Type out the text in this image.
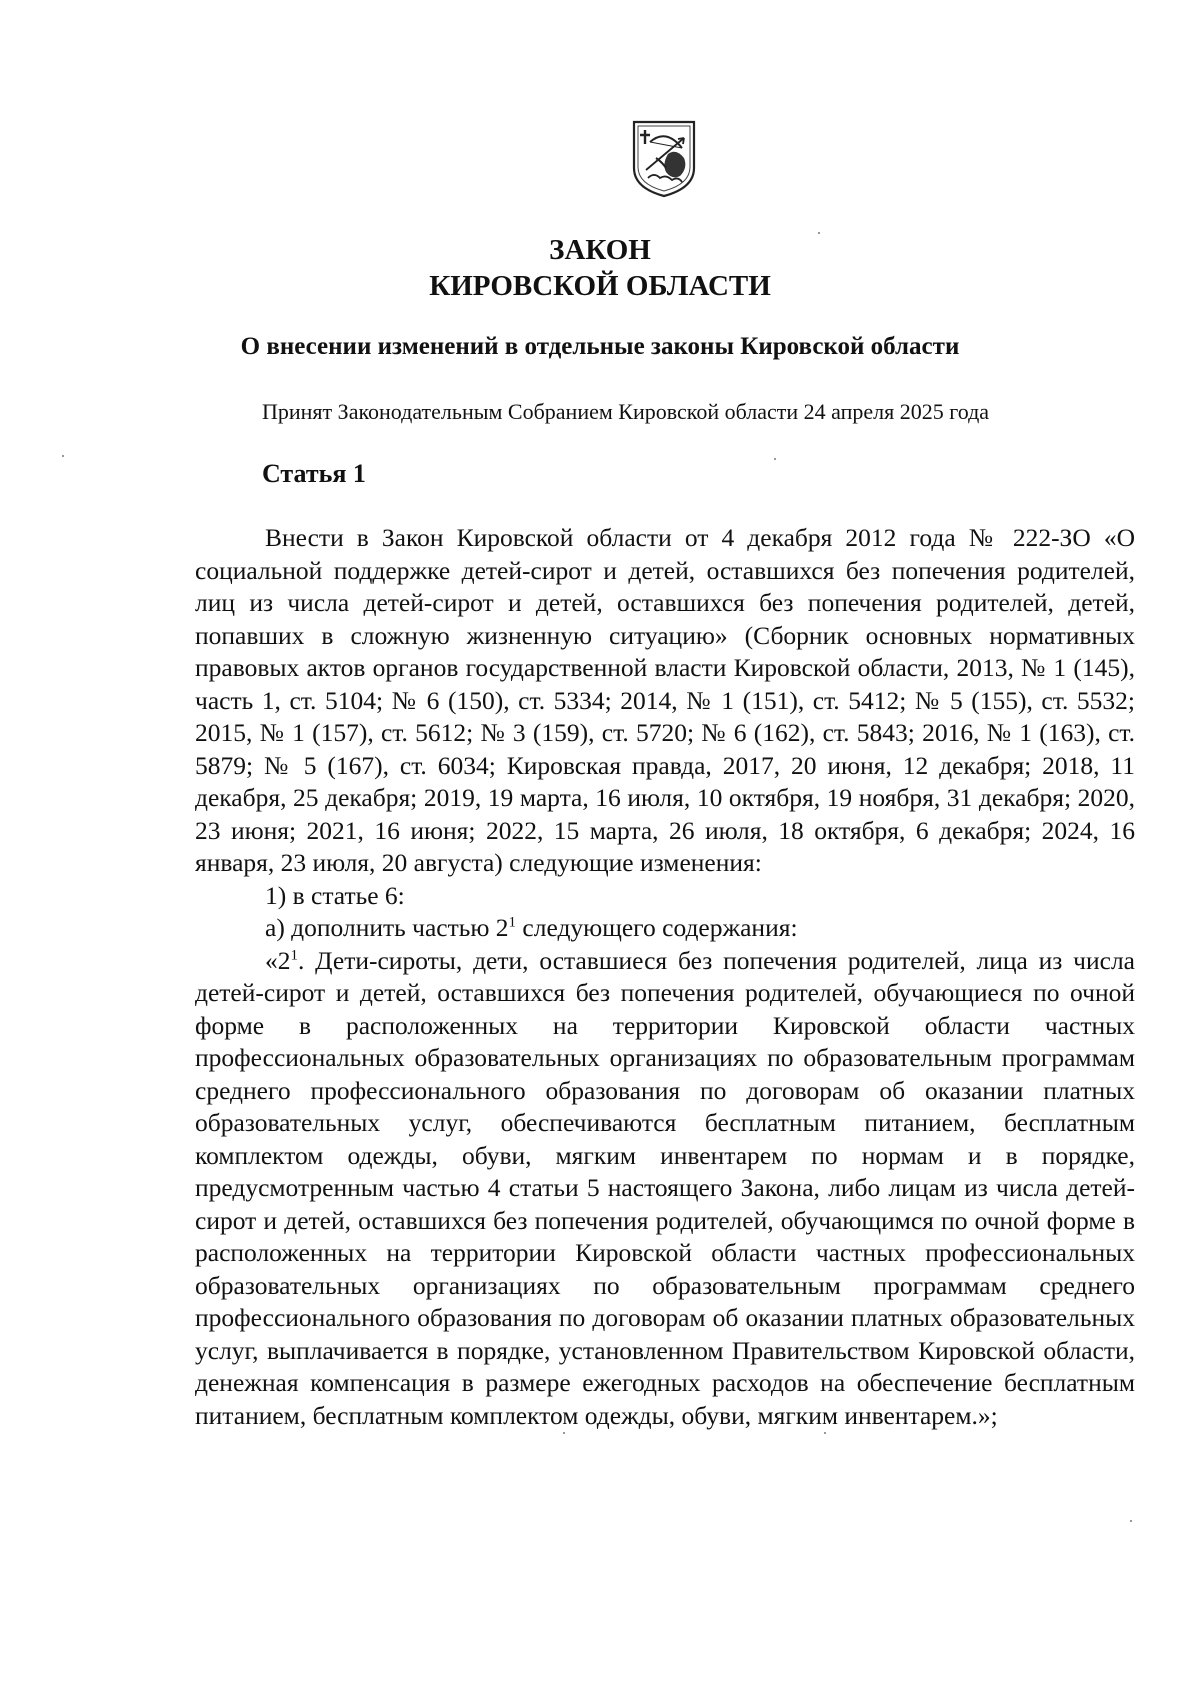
ЗАКОН
КИРОВСКОЙ ОБЛАСТИ
О внесении изменений в отдельные законы Кировской области
Принят Законодательным Собранием Кировской области 24 апреля 2025 года
Статья 1

Внести в Закон Кировской области от 4 декабря 2012 года № 222-ЗО «О социальной поддержке детей-сирот и детей, оставшихся без попечения родителей, лиц из числа детей-сирот и детей, оставшихся без попечения родителей, детей, попавших в сложную жизненную ситуацию» (Сборник основных нормативных правовых актов органов государственной власти Кировской области, 2013, № 1 (145), часть 1, ст. 5104; № 6 (150), ст. 5334; 2014, № 1 (151), ст. 5412; № 5 (155), ст. 5532; 2015, № 1 (157), ст. 5612; № 3 (159), ст. 5720; № 6 (162), ст. 5843; 2016, № 1 (163), ст. 5879; № 5 (167), ст. 6034; Кировская правда, 2017, 20 июня, 12 декабря; 2018, 11 декабря, 25 декабря; 2019, 19 марта, 16 июля, 10 октября, 19 ноября, 31 декабря; 2020, 23 июня; 2021, 16 июня; 2022, 15 марта, 26 июля, 18 октября, 6 декабря; 2024, 16 января, 23 июля, 20 августа) следующие изменения:

1) в статье 6:

а) дополнить частью $2^1$ следующего содержания:

«$2^1$. Дети-сироты, дети, оставшиеся без попечения родителей, лица из числа детей-сирот и детей, оставшихся без попечения родителей, обучающиеся по очной форме в расположенных на территории Кировской области частных профессиональных образовательных организациях по образовательным программам среднего профессионального образования по договорам об оказании платных образовательных услуг, обеспечиваются бесплатным питанием, бесплатным комплектом одежды, обуви, мягким инвентарем по нормам и в порядке, предусмотренным частью 4 статьи 5 настоящего Закона, либо лицам из числа детей-сирот и детей, оставшихся без попечения родителей, обучающимся по очной форме в расположенных на территории Кировской области частных профессиональных образовательных организациях по образовательным программам среднего профессионального образования по договорам об оказании платных образовательных услуг, выплачивается в порядке, установленном Правительством Кировской области, денежная компенсация в размере ежегодных расходов на обеспечение бесплатным питанием, бесплатным комплектом одежды, обуви, мягким инвентарем.»;
